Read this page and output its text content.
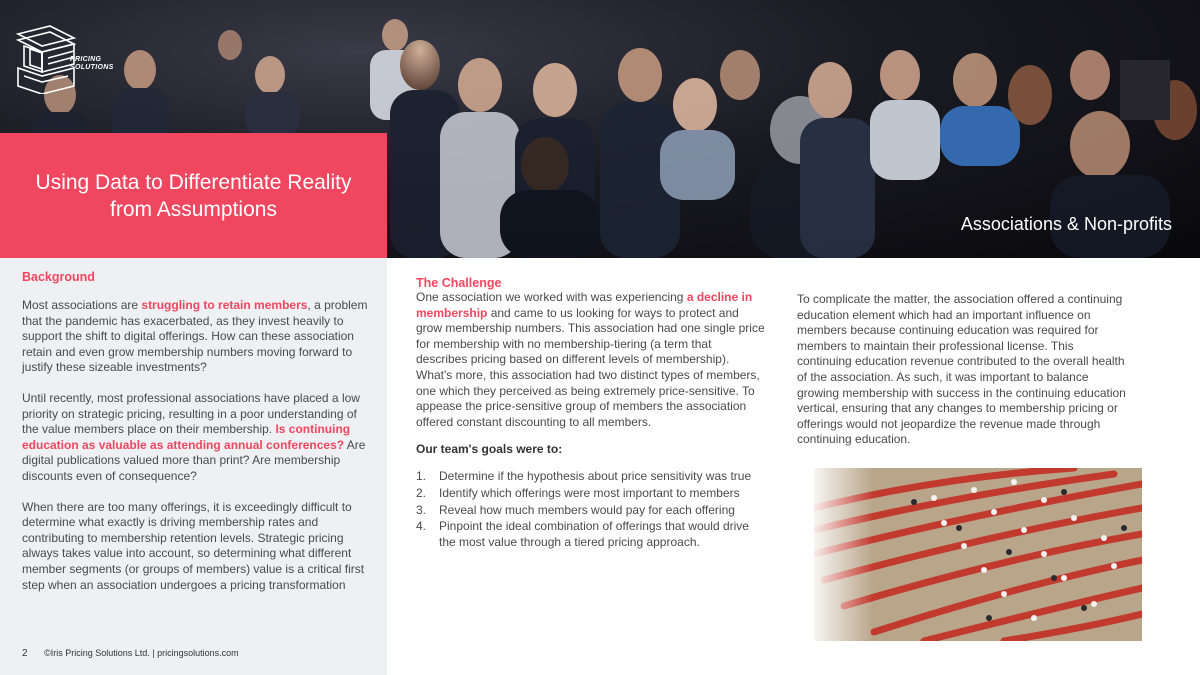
PRICING
SOLUTIONS
Associations & Non-profits
Using Data to Differentiate Reality from Assumptions
Background

Most associations are struggling to retain members, a problem that the pandemic has exacerbated, as they invest heavily to support the shift to digital offerings. How can these association retain and even grow membership numbers moving forward to justify these sizeable investments?

Until recently, most professional associations have placed a low priority on strategic pricing, resulting in a poor understanding of the value members place on their membership. Is continuing education as valuable as attending annual conferences? Are digital publications valued more than print? Are membership discounts even of consequence?

When there are too many offerings, it is exceedingly difficult to determine what exactly is driving membership rates and contributing to membership retention levels. Strategic pricing always takes value into account, so determining what different member segments (or groups of members) value is a critical first step when an association undergoes a pricing transformation

2 ©Iris Pricing Solutions Ltd. | pricingsolutions.com
The Challenge

One association we worked with was experiencing a decline in membership and came to us looking for ways to protect and grow membership numbers. This association had one single price for membership with no membership-tiering (a term that describes pricing based on different levels of membership). What's more, this association had two distinct types of members, one which they perceived as being extremely price-sensitive. To appease the price-sensitive group of members the association offered constant discounting to all members.

Our team's goals were to:
1. Determine if the hypothesis about price sensitivity was true
2. Identify which offerings were most important to members
3. Reveal how much members would pay for each offering
4. Pinpoint the ideal combination of offerings that would drive the most value through a tiered pricing approach.

To complicate the matter, the association offered a continuing education element which had an important influence on members because continuing education was required for members to maintain their professional license. This continuing education revenue contributed to the overall health of the association. As such, it was important to balance growing membership with success in the continuing education vertical, ensuring that any changes to membership pricing or offerings would not jeopardize the revenue made through continuing education.
